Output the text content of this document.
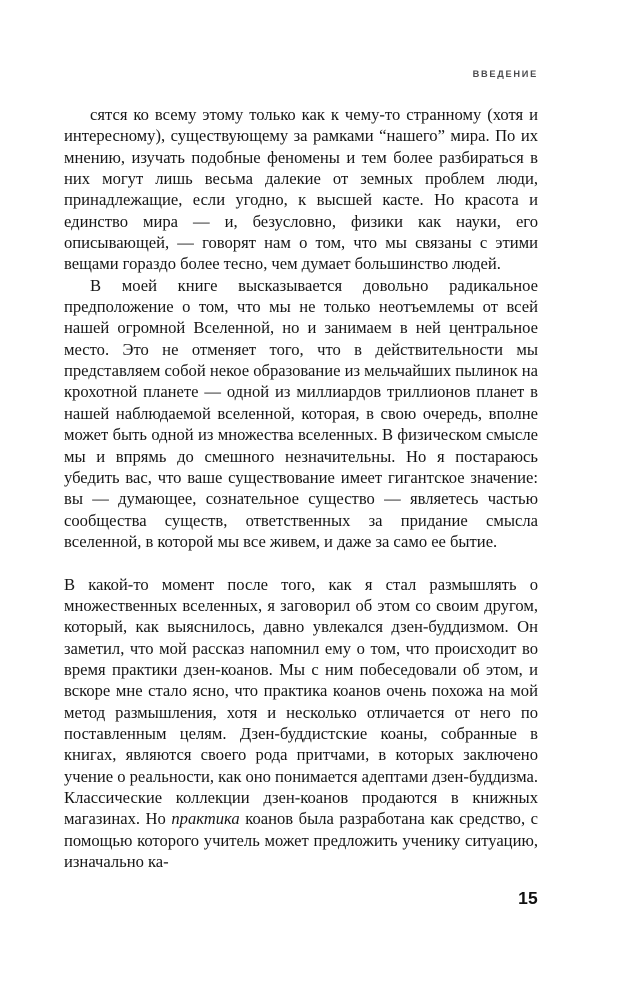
ВВЕДЕНИЕ

сятся ко всему этому только как к чему-то странному (хотя и интересному), существующему за рамками “нашего” мира. По их мнению, изучать подобные феномены и тем более разбираться в них могут лишь весьма далекие от земных проблем люди, принадлежащие, если угодно, к высшей касте. Но красота и единство мира — и, безусловно, физики как науки, его описывающей, — говорят нам о том, что мы связаны с этими вещами гораздо более тесно, чем думает большинство людей.

В моей книге высказывается довольно радикальное предположение о том, что мы не только неотъемлемы от всей нашей огромной Вселенной, но и занимаем в ней центральное место. Это не отменяет того, что в действительности мы представляем собой некое образование из мельчайших пылинок на крохотной планете — одной из миллиардов триллионов планет в нашей наблюдаемой вселенной, которая, в свою очередь, вполне может быть одной из множества вселенных. В физическом смысле мы и впрямь до смешного незначительны. Но я постараюсь убедить вас, что ваше существование имеет гигантское значение: вы — думающее, сознательное существо — являетесь частью сообщества существ, ответственных за придание смысла вселенной, в которой мы все живем, и даже за само ее бытие.

В какой-то момент после того, как я стал размышлять о множественных вселенных, я заговорил об этом со своим другом, который, как выяснилось, давно увлекался дзен-буддизмом. Он заметил, что мой рассказ напомнил ему о том, что происходит во время практики дзен-коанов. Мы с ним побеседовали об этом, и вскоре мне стало ясно, что практика коанов очень похожа на мой метод размышления, хотя и несколько отличается от него по поставленным целям. Дзен-буддистские коаны, собранные в книгах, являются своего рода притчами, в которых заключено учение о реальности, как оно понимается адептами дзен-буддизма. Классические коллекции дзен-коанов продаются в книжных магазинах. Но практика коанов была разработана как средство, с помощью которого учитель может предложить ученику ситуацию, изначально ка-

15
